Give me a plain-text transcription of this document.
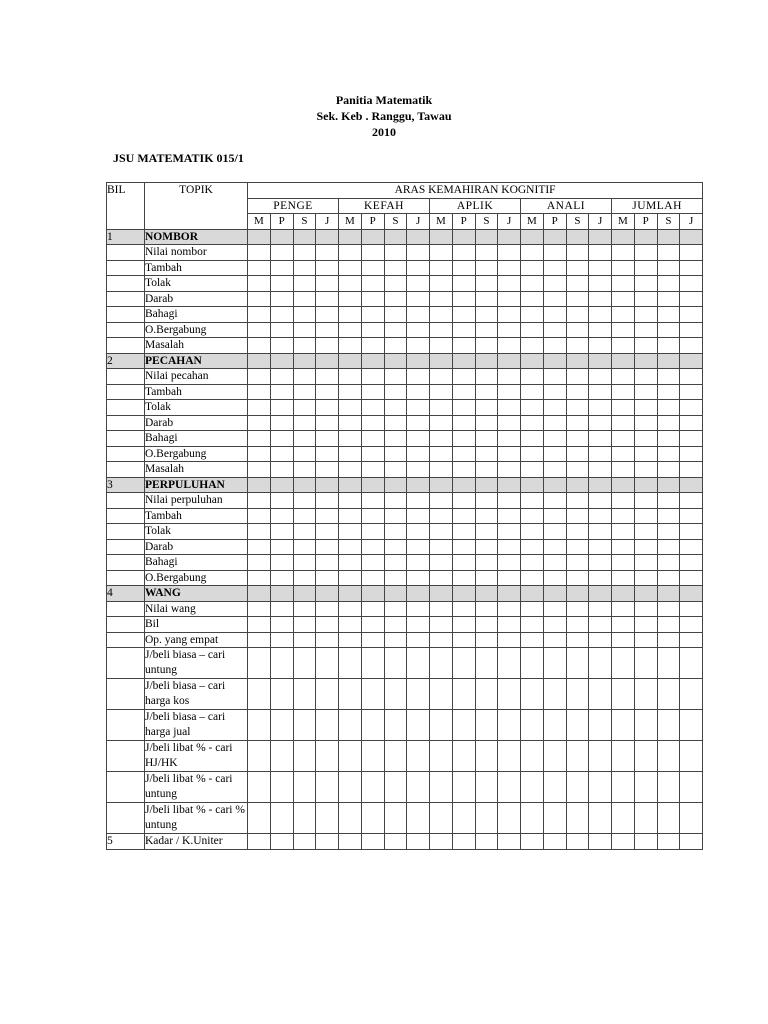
Panitia Matematik
Sek. Keb . Ranggu, Tawau
2010
JSU MATEMATIK 015/1
BIL	TOPIK	ARAS KEMAHIRAN KOGNITIF																			
		PENGE				KEFAH				APLIK				ANALI				JUMLAH			
		M	P	S	J	M	P	S	J	M	P	S	J	M	P	S	J	M	P	S	J
1	NOMBOR																				
	Nilai nombor																				
	Tambah																				
	Tolak																				
	Darab																				
	Bahagi																				
	O.Bergabung																				
	Masalah																				
2	PECAHAN																				
	Nilai pecahan																				
	Tambah																				
	Tolak																				
	Darab																				
	Bahagi																				
	O.Bergabung																				
	Masalah																				
3	PERPULUHAN																				
	Nilai perpuluhan																				
	Tambah																				
	Tolak																				
	Darab																				
	Bahagi																				
	O.Bergabung																				
4	WANG																				
	Nilai wang																				
	Bil																				
	Op. yang empat																				
	J/beli biasa – cari untung																				
	J/beli biasa – cari harga kos																				
	J/beli biasa – cari harga jual																				
	J/beli libat % - cari HJ/HK																				
	J/beli libat % - cari untung																				
	J/beli libat % - cari % untung																				
5	Kadar / K.Uniter																				
